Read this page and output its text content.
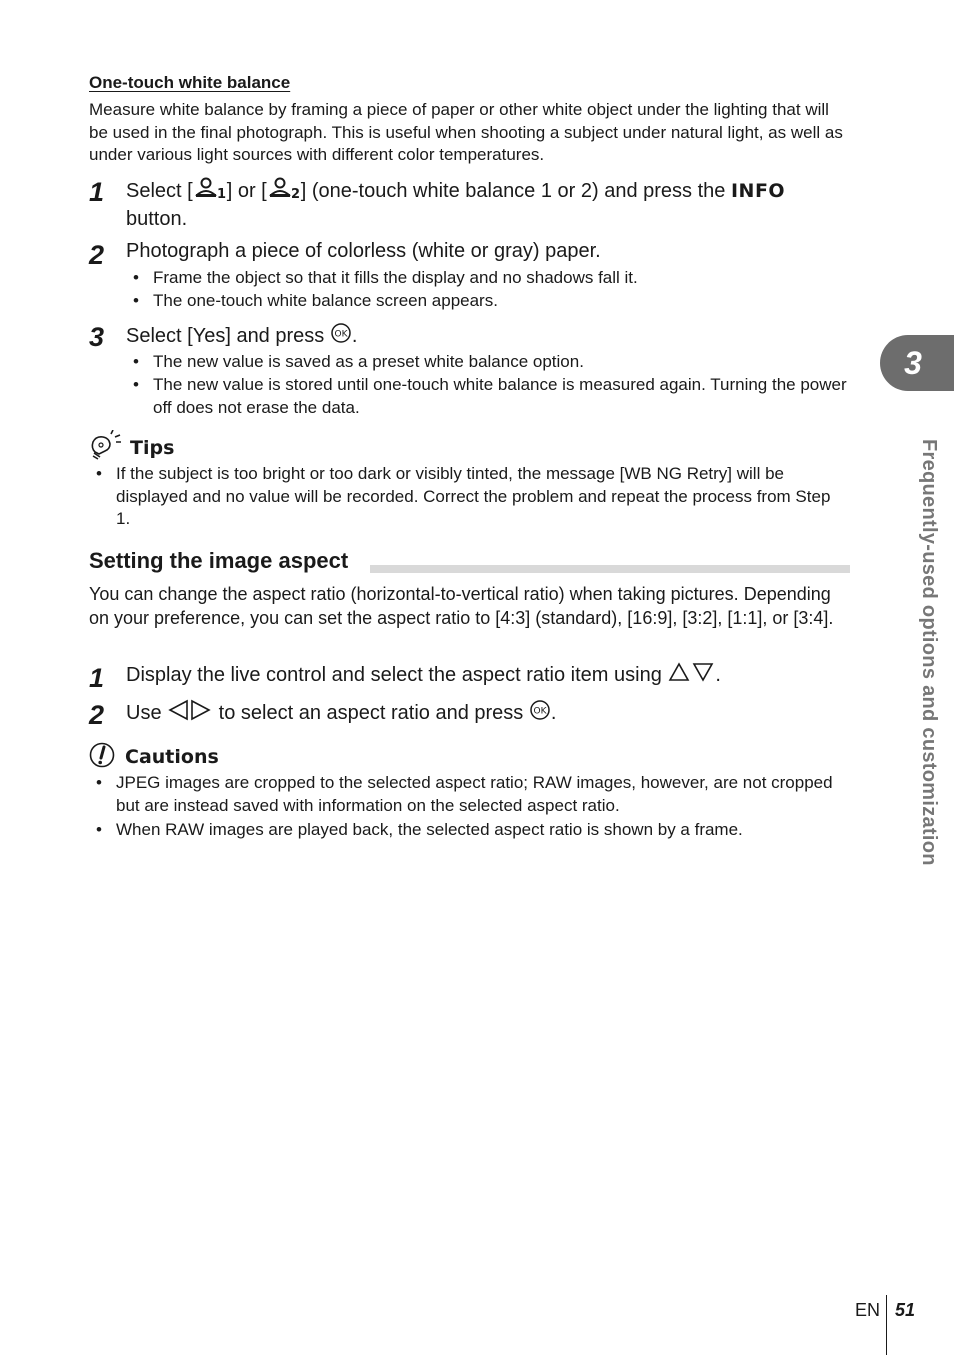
One-touch white balance
Measure white balance by framing a piece of paper or other white object under the lighting that will be used in the final photograph. This is useful when shooting a subject under natural light, as well as under various light sources with different color temperatures.
1	Select [ 1 ] or [ 2 ] (one-touch white balance 1 or 2) and press the INFO
button.
2	Photograph a piece of colorless (white or gray) paper.
• Frame the object so that it fills the display and no shadows fall it.
• The one-touch white balance screen appears.
3	Select [Yes] and press OK .
• The new value is saved as a preset white balance option.
• The new value is stored until one-touch white balance is measured again. Turning the power off does not erase the data.
Tips
• If the subject is too bright or too dark or visibly tinted, the message [WB NG Retry] will be displayed and no value will be recorded. Correct the problem and repeat the process from Step 1.
Setting the image aspect
You can change the aspect ratio (horizontal-to-vertical ratio) when taking pictures. Depending on your preference, you can set the aspect ratio to [4:3] (standard), [16:9], [3:2], [1:1], or [3:4].
1	Display the live control and select the aspect ratio item using .
2	Use  to select an aspect ratio and press OK .
Cautions
• JPEG images are cropped to the selected aspect ratio; RAW images, however, are not cropped but are instead saved with information on the selected aspect ratio.
• When RAW images are played back, the selected aspect ratio is shown by a frame.
3
Frequently-used options and customization
EN 51
